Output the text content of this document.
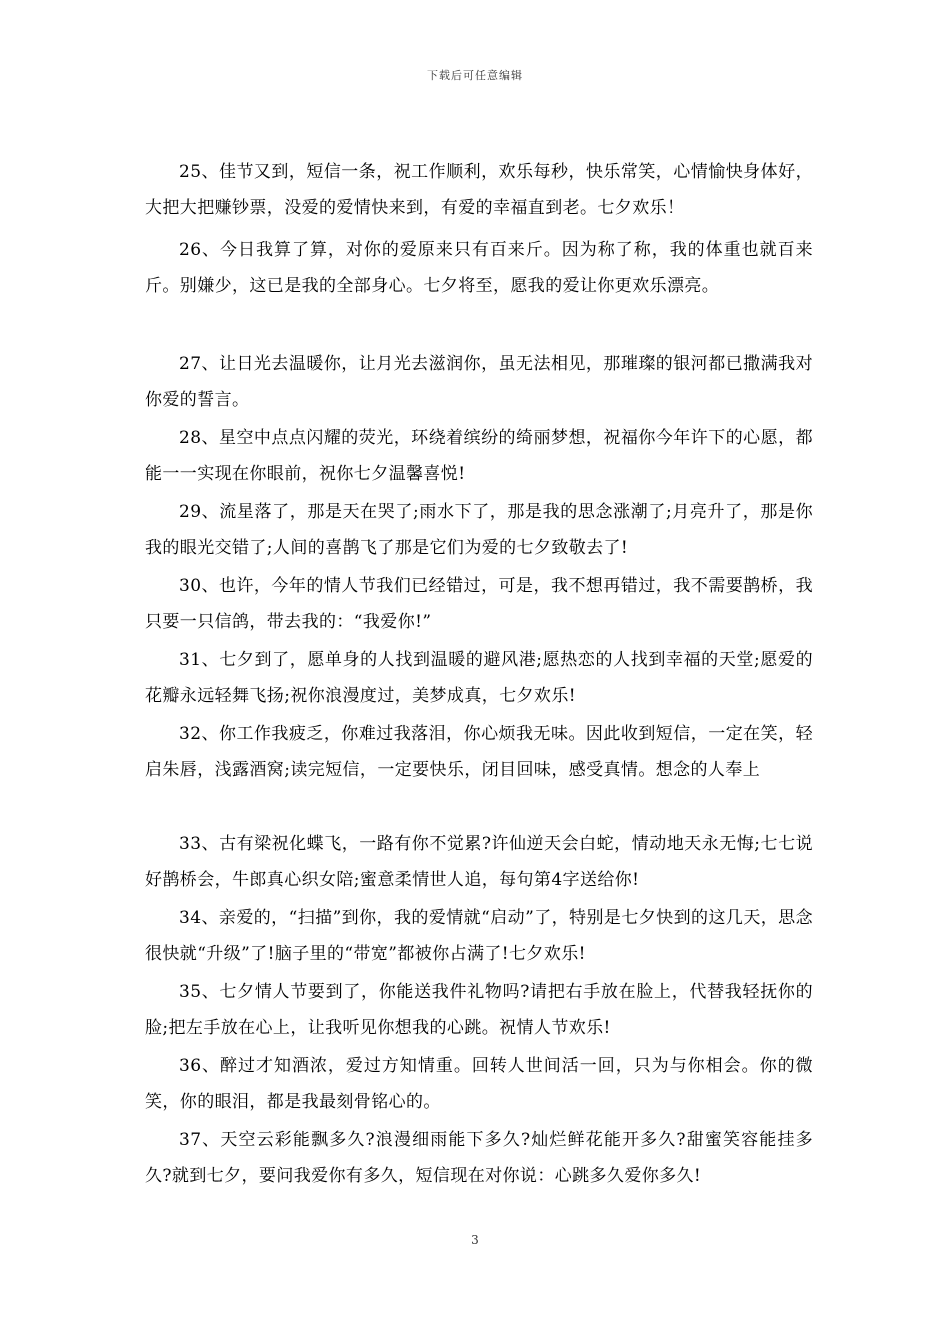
下载后可任意编辑

25、佳节又到，短信一条，祝工作顺利，欢乐每秒，快乐常笑，心情愉快身体好，大把大把赚钞票，没爱的爱情快来到，有爱的幸福直到老。七夕欢乐！

26、今日我算了算，对你的爱原来只有百来斤。因为称了称，我的体重也就百来斤。别嫌少，这已是我的全部身心。七夕将至，愿我的爱让你更欢乐漂亮。

27、让日光去温暖你，让月光去滋润你，虽无法相见，那璀璨的银河都已撒满我对你爱的誓言。

28、星空中点点闪耀的荧光，环绕着缤纷的绮丽梦想，祝福你今年许下的心愿，都能一一实现在你眼前，祝你七夕温馨喜悦!

29、流星落了，那是天在哭了;雨水下了，那是我的思念涨潮了;月亮升了，那是你我的眼光交错了;人间的喜鹊飞了那是它们为爱的七夕致敬去了!

30、也许，今年的情人节我们已经错过，可是，我不想再错过，我不需要鹊桥，我只要一只信鸽，带去我的：“我爱你!”

31、七夕到了，愿单身的人找到温暖的避风港;愿热恋的人找到幸福的天堂;愿爱的花瓣永远轻舞飞扬;祝你浪漫度过，美梦成真，七夕欢乐!

32、你工作我疲乏，你难过我落泪，你心烦我无味。因此收到短信，一定在笑，轻启朱唇，浅露酒窝;读完短信，一定要快乐，闭目回味，感受真情。想念的人奉上

33、古有梁祝化蝶飞，一路有你不觉累?许仙逆天会白蛇，情动地天永无悔;七七说好鹊桥会，牛郎真心织女陪;蜜意柔情世人追，每句第4字送给你!

34、亲爱的，“扫描”到你，我的爱情就“启动”了，特别是七夕快到的这几天，思念很快就“升级”了!脑子里的“带宽”都被你占满了!七夕欢乐!

35、七夕情人节要到了，你能送我件礼物吗?请把右手放在脸上，代替我轻抚你的脸;把左手放在心上，让我听见你想我的心跳。祝情人节欢乐!

36、醉过才知酒浓，爱过方知情重。回转人世间活一回，只为与你相会。你的微笑，你的眼泪，都是我最刻骨铭心的。

37、天空云彩能飘多久?浪漫细雨能下多久?灿烂鲜花能开多久?甜蜜笑容能挂多久?就到七夕，要问我爱你有多久，短信现在对你说：心跳多久爱你多久!

3
